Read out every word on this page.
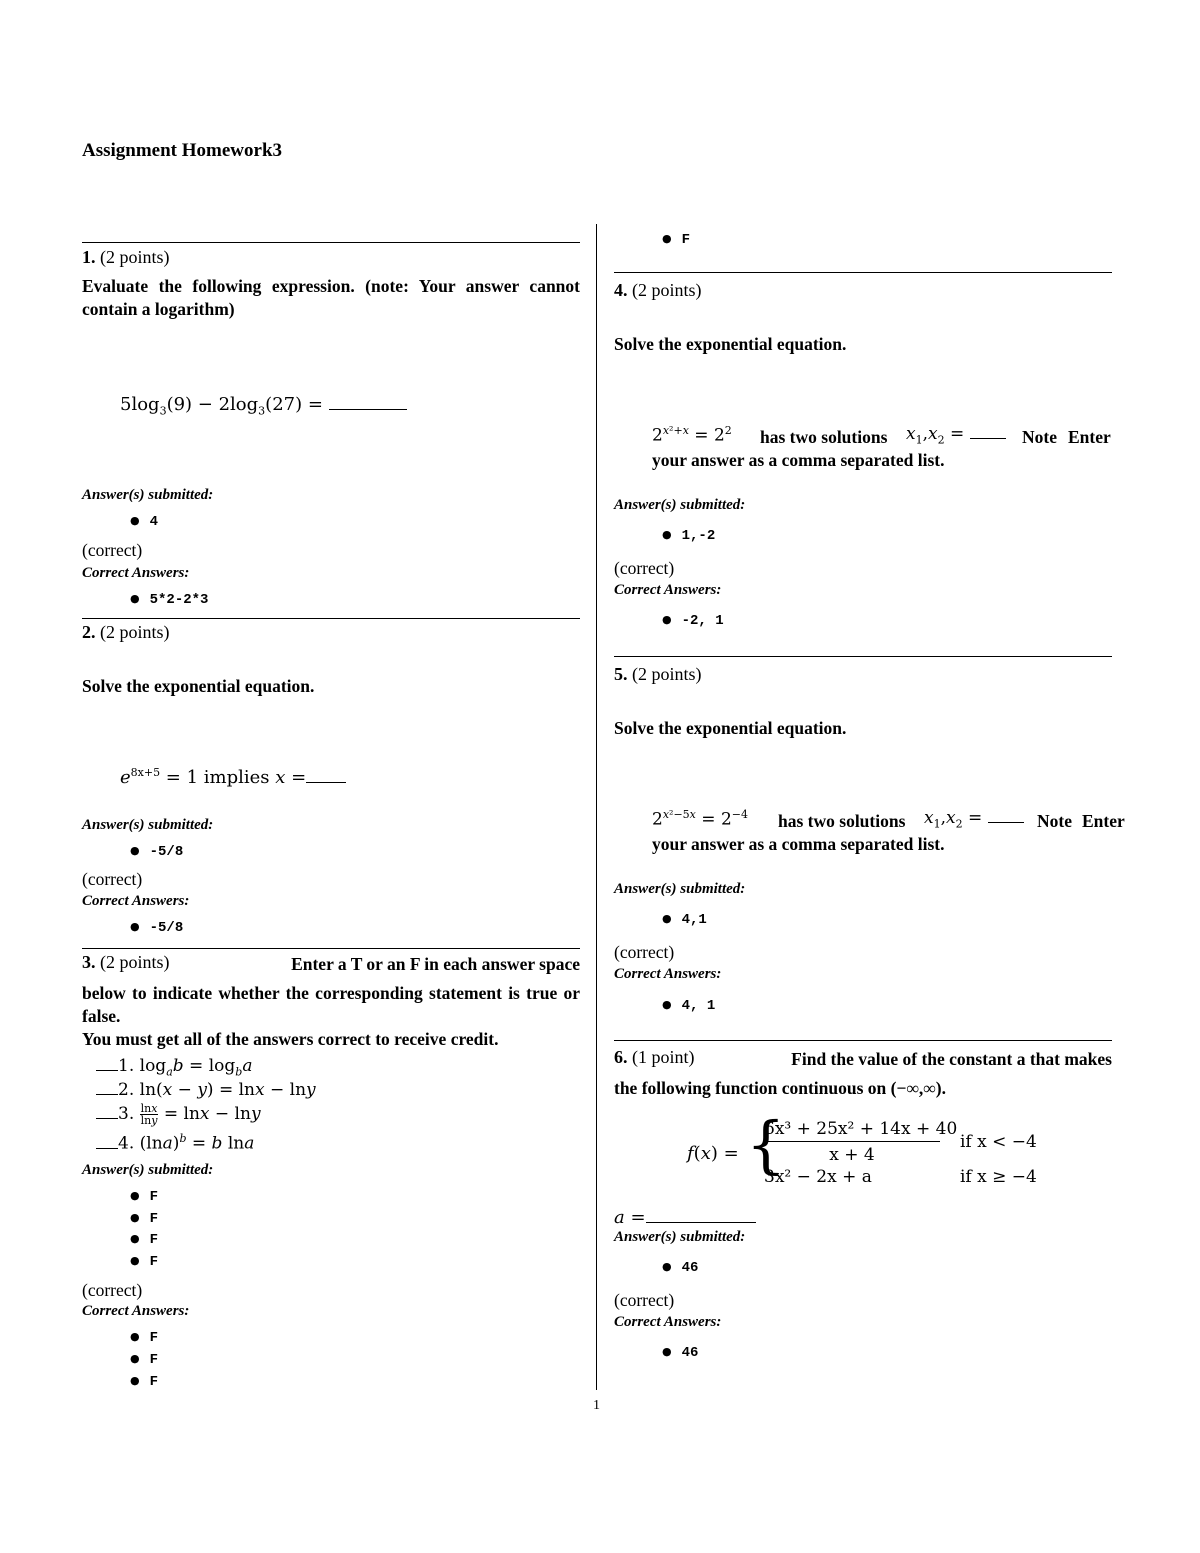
Assignment Homework3
1. (2 points)
Evaluate the following expression. (note: Your answer cannot contain a logarithm)
$5\log_3(9) - 2\log_3(27)$ =
Answer(s) submitted:
● 4
(correct)
Correct Answers:
● 5*2-2*3
2. (2 points)
Solve the exponential equation.
$e^{8x+5} = 1$ implies x =
Answer(s) submitted:
● -5/8
(correct)
Correct Answers:
● -5/8
3. (2 points)	Enter a T or an F in each answer space
below to indicate whether the corresponding statement is true or false.
You must get all of the answers correct to receive credit.
1. $\log_ab = \log_ba$
2. ln(x − y) = lnx − lny
3. $\frac{\ln x}{\ln y} = \ln x - \ln y$
4. $(\ln a)^b = b$ lna
Answer(s) submitted:
● F
● F
● F
● F
(correct)
Correct Answers:
● F
● F
● F
● F
4. (2 points)
Solve the exponential equation.
$2^{x^2+x} = 2^2$ has two solutions $x_1,x_2$ =	Note Enter your answer as a comma separated list.
Answer(s) submitted:
● 1,-2
(correct)
Correct Answers:
● -2, 1
5. (2 points)
Solve the exponential equation.
$2^{x^2-5x} = 2^{-4}$ has two solutions $x_1,x_2$ =	Note Enter your answer as a comma separated list.
Answer(s) submitted:
● 4,1
(correct)
Correct Answers:
● 4, 1
6. (1 point)	Find the value of the constant a that makes
the following function continuous on (−∞,∞).
f(x) = {
6x³ + 25x² + 14x + 40
x + 4
if x < −4
3x² − 2x + a	if x ≥ −4
a =
Answer(s) submitted:
● 46
(correct)
Correct Answers:
● 46
1
